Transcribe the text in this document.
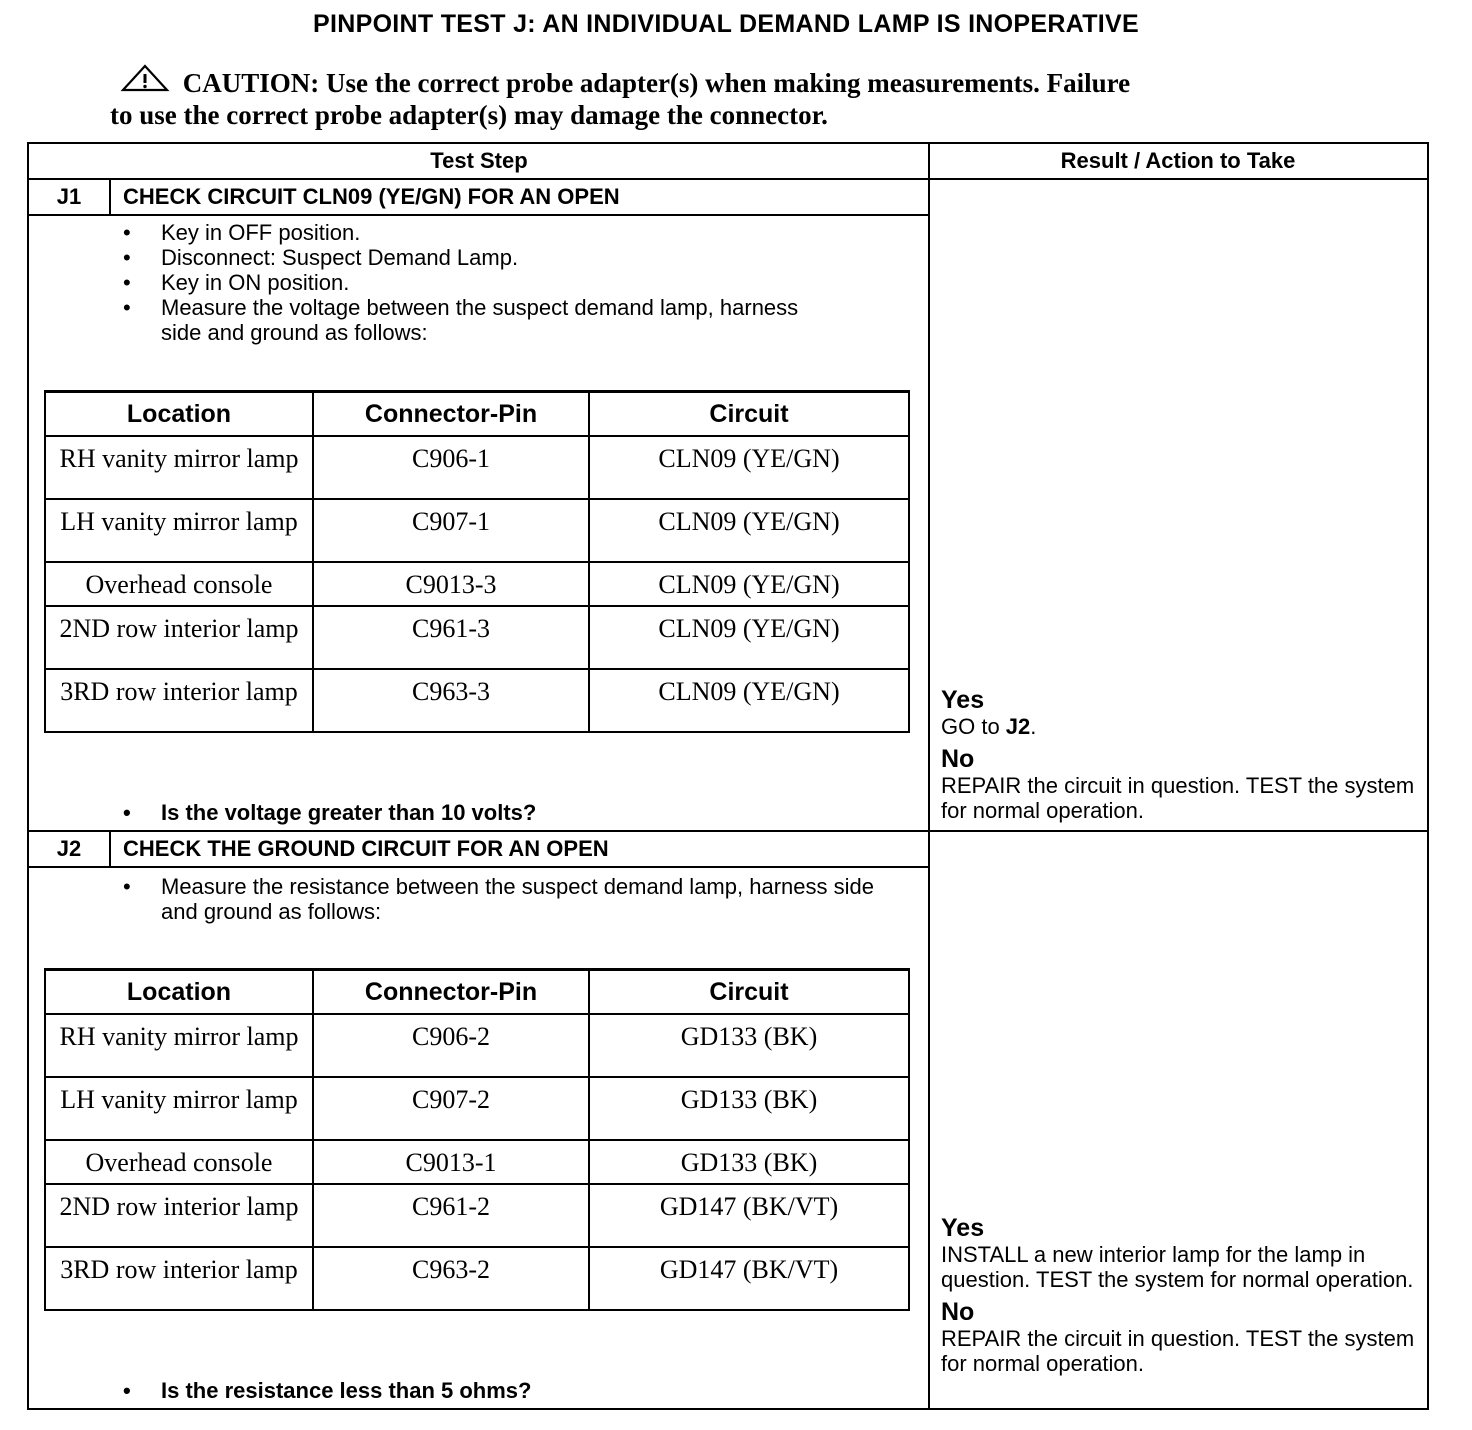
PINPOINT TEST J: AN INDIVIDUAL DEMAND LAMP IS INOPERATIVE
CAUTION: Use the correct probe adapter(s) when making measurements. Failure
to use the correct probe adapter(s) may damage the connector.
Test Step	Result / Action to Take
J1	CHECK CIRCUIT CLN09 (YE/GN) FOR AN OPEN
• Key in OFF position.
• Disconnect: Suspect Demand Lamp.
• Key in ON position.
• Measure the voltage between the suspect demand lamp, harness side and ground as follows:
Location	Connector-Pin	Circuit
RH vanity mirror lamp	C906-1	CLN09 (YE/GN)
LH vanity mirror lamp	C907-1	CLN09 (YE/GN)
Overhead console	C9013-3	CLN09 (YE/GN)
2ND row interior lamp	C961-3	CLN09 (YE/GN)
3RD row interior lamp	C963-3	CLN09 (YE/GN)
• Is the voltage greater than 10 volts?
Yes
GO to J2.
No
REPAIR the circuit in question. TEST the system for normal operation.
J2	CHECK THE GROUND CIRCUIT FOR AN OPEN
• Measure the resistance between the suspect demand lamp, harness side and ground as follows:
Location	Connector-Pin	Circuit
RH vanity mirror lamp	C906-2	GD133 (BK)
LH vanity mirror lamp	C907-2	GD133 (BK)
Overhead console	C9013-1	GD133 (BK)
2ND row interior lamp	C961-2	GD147 (BK/VT)
3RD row interior lamp	C963-2	GD147 (BK/VT)
• Is the resistance less than 5 ohms?
Yes
INSTALL a new interior lamp for the lamp in question. TEST the system for normal operation.
No
REPAIR the circuit in question. TEST the system for normal operation.
